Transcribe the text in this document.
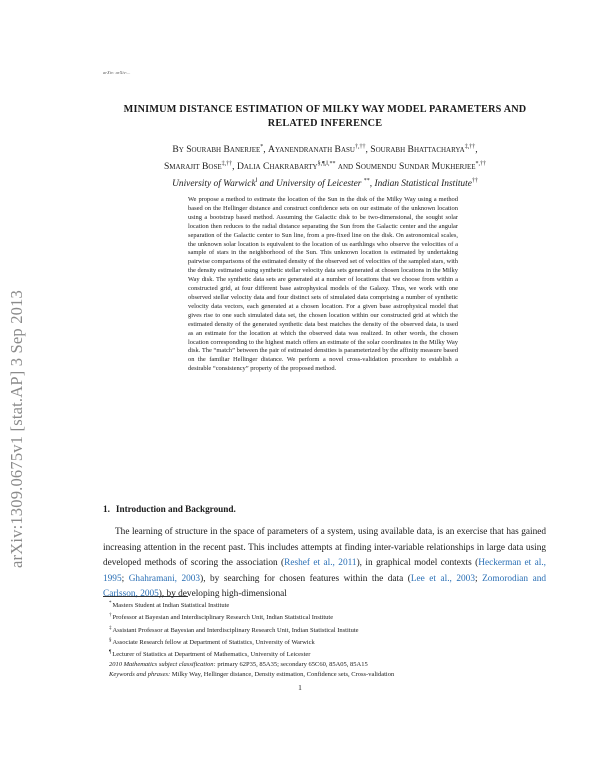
arXiv: arXiv:...
arXiv:1309.0675v1 [stat.AP] 3 Sep 2013
MINIMUM DISTANCE ESTIMATION OF MILKY WAY MODEL PARAMETERS AND
RELATED INFERENCE
By Sourabh Banerjee*, Ayanendranath Basu†,††, Sourabh Bhattacharya‡,††,
Smarajit Bose‡,††, Dalia Chakrabarty§,¶,‖,** and Soumendu Sundar Mukherjee*,††
University of Warwick‖ and University of Leicester **, Indian Statistical Institute††
We propose a method to estimate the location of the Sun in the disk of the Milky Way using a method based on the Hellinger distance and construct confidence sets on our estimate of the unknown location using a bootstrap based method. Assuming the Galactic disk to be two-dimensional, the sought solar location then reduces to the radial distance separating the Sun from the Galactic center and the angular separation of the Galactic center to Sun line, from a pre-fixed line on the disk. On astronomical scales, the unknown solar location is equivalent to the location of us earthlings who observe the velocities of a sample of stars in the neighborhood of the Sun. This unknown location is estimated by undertaking pairwise comparisons of the estimated density of the observed set of velocities of the sampled stars, with the density estimated using synthetic stellar velocity data sets generated at chosen locations in the Milky Way disk. The synthetic data sets are generated at a number of locations that we choose from within a constructed grid, at four different base astrophysical models of the Galaxy. Thus, we work with one observed stellar velocity data and four distinct sets of simulated data comprising a number of synthetic velocity data vectors, each generated at a chosen location. For a given base astrophysical model that gives rise to one such simulated data set, the chosen location within our constructed grid at which the estimated density of the generated synthetic data best matches the density of the observed data, is used as an estimate for the location at which the observed data was realized. In other words, the chosen location corresponding to the highest match offers an estimate of the solar coordinates in the Milky Way disk. The “match” between the pair of estimated densities is parameterized by the affinity measure based on the familiar Hellinger distance. We perform a novel cross-validation procedure to establish a desirable “consistency” property of the proposed method.
1. Introduction and Background.
The learning of structure in the space of parameters of a system, using available data, is an exercise that has gained increasing attention in the recent past. This includes attempts at finding inter-variable relationships in large data using developed methods of scoring the association (Reshef et al., 2011), in graphical model contexts (Heckerman et al., 1995; Ghahramani, 2003), by searching for chosen features within the data (Lee et al., 2003; Zomorodian and Carlsson, 2005), by developing high-dimensional
*Masters Student at Indian Statistical Institute
†Professor at Bayesian and Interdisciplinary Research Unit, Indian Statistical Institute
‡Assistant Professor at Bayesian and Interdisciplinary Research Unit, Indian Statistical Institute
§Associate Research fellow at Department of Statistics, University of Warwick
¶Lecturer of Statistics at Department of Mathematics, University of Leicester
2010 Mathematics subject classification: primary 62P35, 85A35; secondary 65C60, 85A05, 85A15
Keywords and phrases: Milky Way, Hellinger distance, Density estimation, Confidence sets, Cross-validation
1
